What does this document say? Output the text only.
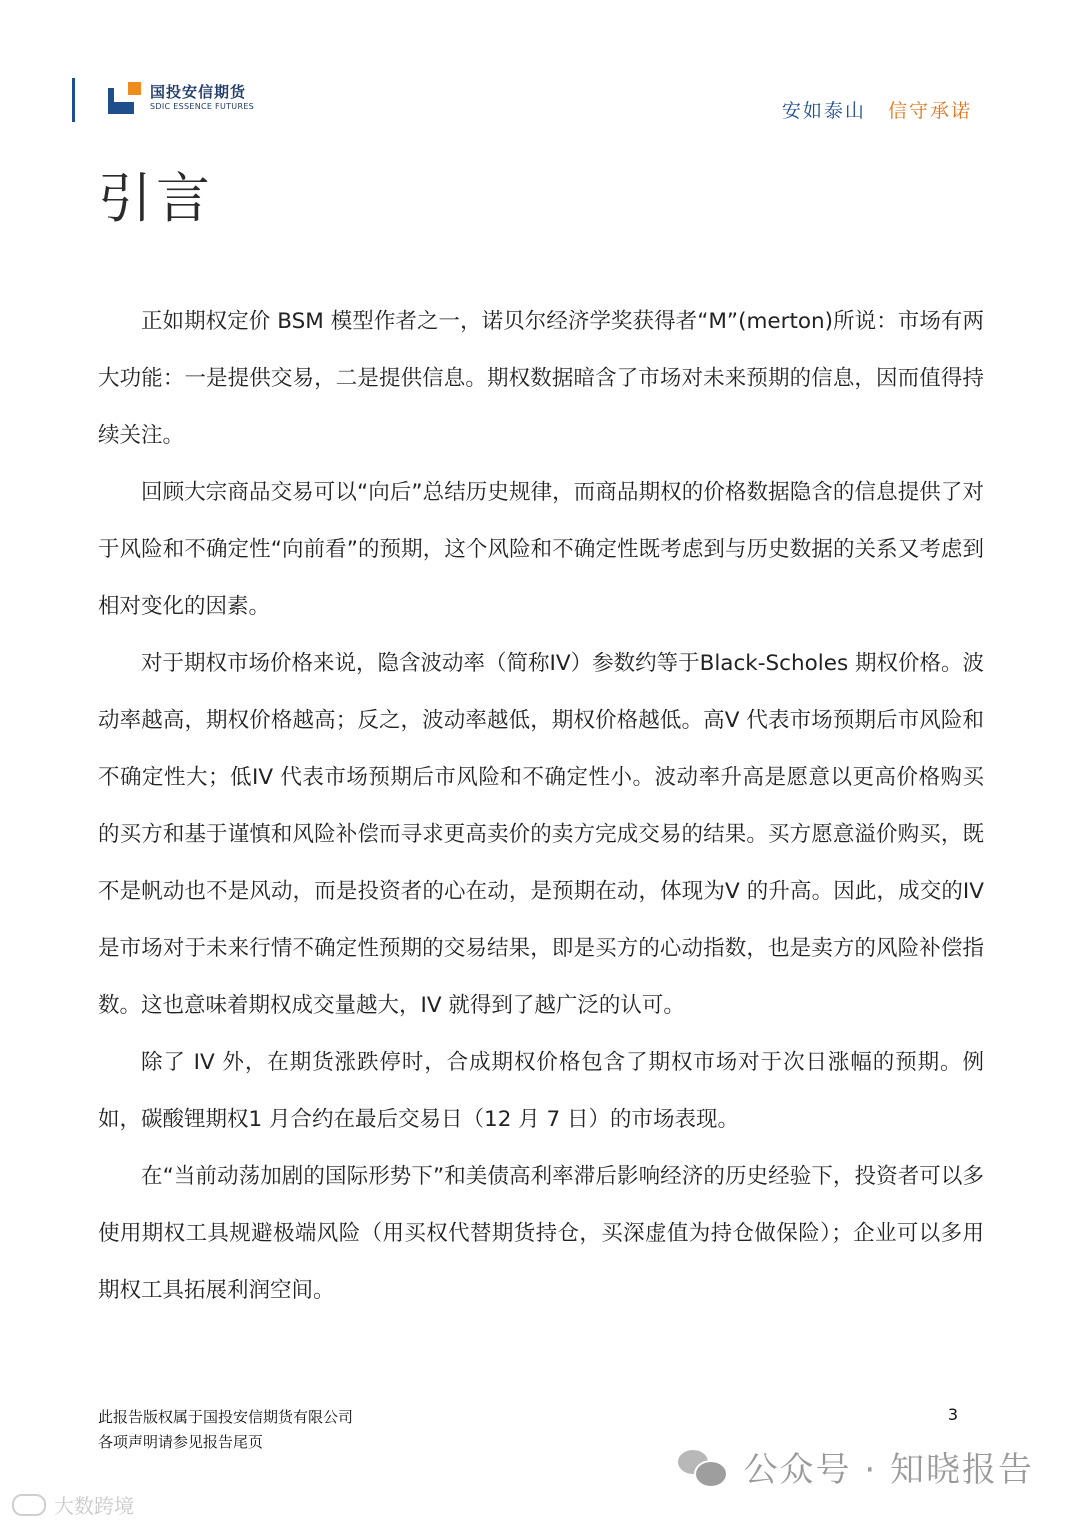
国投安信期货
SDIC ESSENCE FUTURES	安如泰山 信守承诺
引言

正如期权定价 BSM 模型作者之一，诺贝尔经济学奖获得者“M”(merton)所说：市场有两大功能：一是提供交易，二是提供信息。期权数据暗含了市场对未来预期的信息，因而值得持续关注。

回顾大宗商品交易可以“向后”总结历史规律，而商品期权的价格数据隐含的信息提供了对于风险和不确定性“向前看”的预期，这个风险和不确定性既考虑到与历史数据的关系又考虑到相对变化的因素。

对于期权市场价格来说，隐含波动率（简称IV）参数约等于Black-Scholes 期权价格。波动率越高，期权价格越高；反之，波动率越低，期权价格越低。高V 代表市场预期后市风险和不确定性大；低IV 代表市场预期后市风险和不确定性小。波动率升高是愿意以更高价格购买的买方和基于谨慎和风险补偿而寻求更高卖价的卖方完成交易的结果。买方愿意溢价购买，既不是帆动也不是风动，而是投资者的心在动，是预期在动，体现为V 的升高。因此，成交的IV 是市场对于未来行情不确定性预期的交易结果，即是买方的心动指数，也是卖方的风险补偿指数。这也意味着期权成交量越大，IV 就得到了越广泛的认可。

除了 IV 外，在期货涨跌停时，合成期权价格包含了期权市场对于次日涨幅的预期。例如，碳酸锂期权1 月合约在最后交易日（12 月 7 日）的市场表现。

在“当前动荡加剧的国际形势下”和美债高利率滞后影响经济的历史经验下，投资者可以多使用期权工具规避极端风险（用买权代替期货持仓，买深虚值为持仓做保险）；企业可以多用期权工具拓展利润空间。

此报告版权属于国投安信期货有限公司
各项声明请参见报告尾页
3
公众号 · 知晓报告
大数跨境
